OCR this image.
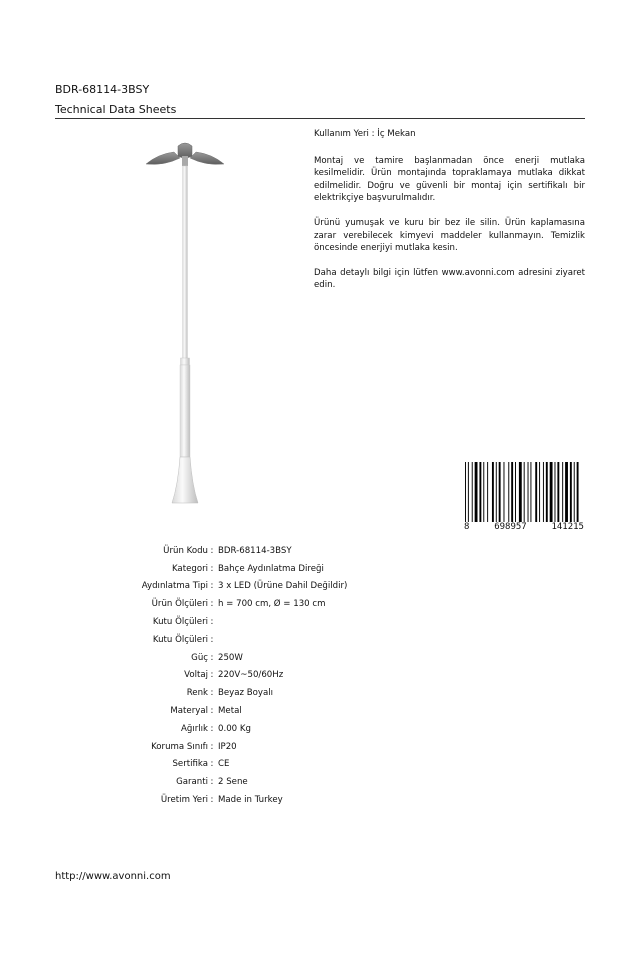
BDR-68114-3BSY
Technical Data Sheets

Kullanım Yeri : İç Mekan

Montaj ve tamire başlanmadan önce enerji mutlaka kesilmelidir. Ürün montajında topraklamaya mutlaka dikkat edilmelidir. Doğru ve güvenli bir montaj için sertifikalı bir elektrikçiye başvurulmalıdır.

Ürünü yumuşak ve kuru bir bez ile silin. Ürün kaplamasına zarar verebilecek kimyevi maddeler kullanmayın. Temizlik öncesinde enerjiyi mutlaka kesin.

Daha detaylı bilgi için lütfen www.avonni.com adresini ziyaret edin.

8	698957	141215
Ürün Kodu : BDR-68114-3BSY
Kategori : Bahçe Aydınlatma Direği
Aydınlatma Tipi : 3 x LED (Ürüne Dahil Değildir)
Ürün Ölçüleri : h = 700 cm, Ø = 130 cm
Kutu Ölçüleri :
Kutu Ölçüleri :
Güç : 250W
Voltaj : 220V~50/60Hz
Renk : Beyaz Boyalı
Materyal : Metal
Ağırlık : 0.00 Kg
Koruma Sınıfı : IP20
Sertifika : CE
Garanti : 2 Sene
Üretim Yeri : Made in Turkey
http://www.avonni.com
